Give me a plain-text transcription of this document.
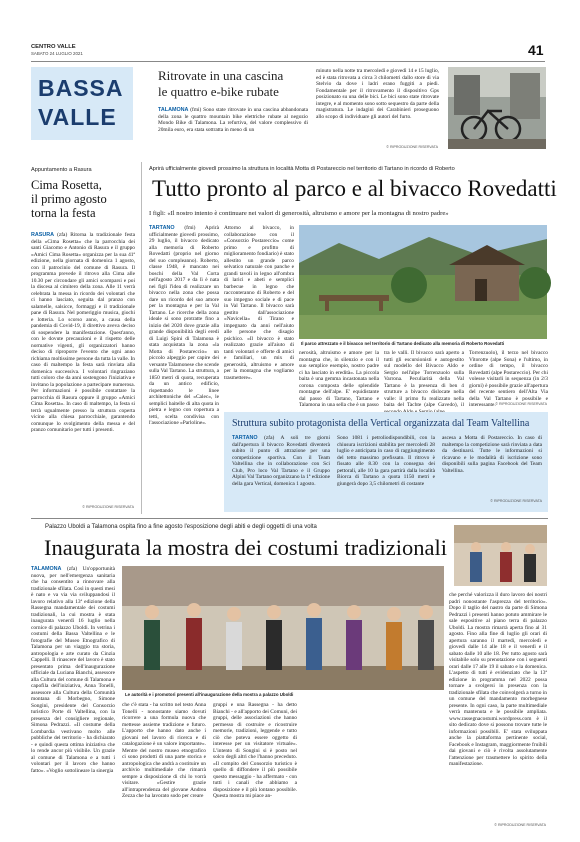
CENTRO VALLE
SABATO 24 LUGLIO 2021	41
BASSA
VALLE
Ritrovate in una cascina
le quattro e-bike rubate
TALAMONA (fmi) Sono state ritrovate in una cascina abbandonata della zona le quattro mountain bike elettriche rubate al negozio Mondo Bike di Talamona. La refurtiva, del valore complessivo di 20mila euro, era stata sottratta in meno di un
minuto nella notte tra mercoledì e giovedì 14 e 15 luglio, ed è stata ritrovata a circa 3 chilometri dallo store di via Stelvio da dove i ladri erano fuggiti a piedi. Fondamentale per il ritrovamento il dispositivo Gps posizionato su una delle bici. Le bici sono state ritrovate integre, e al momento sono sotto sequestro da parte della magistratura. Le indagini dei Carabinieri proseguono allo scopo di individuare gli autori del furto.
© RIPRODUZIONE RISERVATA
Appuntamento a Rasura
Cima Rosetta,
il primo agosto
torna la festa
RASURA (zfa) Ritorna la tradizionale festa della «Cima Rosetta» che la parrocchia dei santi Giacomo e Antonio di Rasura e il gruppo «Amici Cima Rosetta» organizza per la sua 41ª edizione, nella giornata di domenica 1 agosto, con il patrocinio del comune di Rasura. Il programma prevede il ritrovo alla Cima alle 10.30 per circondare gli amici scomparsi e poi la discesa al cimitero della zona. Alle 11 verrà celebrata la messa in ricordo dei volontari che ci hanno lasciato, seguita dal pranzo con salamelle, salsicce, formaggi e il tradizionale pane di Rasura. Nel pomeriggio musica, giochi e lotteria. Lo scorso anno, a causa della pandemia di Covid-19, il direttivo aveva deciso di sospendere la manifestazione. Quest'anno, con le dovute precauzioni e il rispetto delle normative vigenti, gli organizzatori hanno deciso di riproporre l'evento che ogni anno richiama moltissime persone da tutta la valle. In caso di maltempo la festa sarà rinviata alla domenica successiva. I volontari ringraziano tutti coloro che da anni sostengono l'iniziativa e invitano la popolazione a partecipare numerosa. Per informazioni è possibile contattare la parrocchia di Rasura oppure il gruppo «Amici Cima Rosetta». In caso di maltempo, la festa si terrà ugualmente presso la struttura coperta vicino alla chiesa parrocchiale, garantendo comunque lo svolgimento della messa e del pranzo comunitario per tutti i presenti.
© RIPRODUZIONE RISERVATA
Aprirà ufficialmente giovedì prossimo la struttura in località Motta di Postareccio nel territorio di Tartano in ricordo di Roberto
Tutto pronto al parco e al bivacco Rovedatti
I figli: «Il nostro intento è continuare nei valori di generosità, altruismo e amore per la montagna di nostro padre»
TARTANO (fmi) Aprirà ufficialmente giovedì prossimo, 29 luglio, il bivacco dedicato alla memoria di Roberto Rovedatti (proprio nel giorno del suo compleanno). Roberto, classe 1948, è mancato nei boschi della Val Corta nell'agosto 2017 e da lì è nata nei figli l'idea di realizzare un bivacco nella zona che possa dare un ricordo del suo amore per la montagna e per la Val Tartano. Le ricerche della zona ideale si sono protratte fino a inizio del 2020 dove grazie alla grande disponibilità degli eredi di Luigi Spini di Talamona è stata acquistata la zona «la Motta di Postareccio» un piccolo alpeggio per capire dei versante Talamonese che scende sulla Val Tartano. La struttura, a 1850 metri di quota, recuperata da un antico edificio, rispettando le linee architettoniche del «Calec», le semplici baitelle di alta quota in pietra e legno con copertura a tetti, scelta condivisa con l'associazione «Parloline».
Attorno al bivacco, in collaborazione con il «Consorzio Postareccio» come primo e profitto di miglioramento fondiario) è stato allestito un grande parco selvatico naturale con panche e grandi tavoli in legno all'ombra di larici e abeti e semplici barbecue in legno che racconteranno di Roberto e del suo impegno sociale e di pace in Val Tartano. Il bivacco sarà gestito dall'associazione «Navicella» di Tirano e impegnato da anni nell'aiuto alle persone che disagio psichico. «Il bivacco è stato realizzato grazie all'aiuto di tanti volontari e offerte di amici e familiari, un mix di generosità, altruismo e amore per la montagna che vogliamo trasmettere».
Il parco attrezzato e il bivacco nel territorio di Tartano dedicato alla memoria di Roberto Rovedatti
nerosità, altruismo e amore per la montagna che, in silenzio e con il suo semplice esempio, nostro padre ci ha lasciato in eredità». La piccola baita è una gemma incastonata nella corona composta delle splendide montagne dell'alpe. E' equidistante dal passo di Tartano, Tartano e Talamona in una sella che è un passo
tra le valli. Il bivacco sarà aperto a tutti gli escursionisti e autogestito sul modello del Bivacco Aldo e Sergio nell'alpe Torrenzuolo sulla Varrona. Peculiarità della Val Tartano è la presenza di ben 4 strutture a bivacco dislocate nella valle: il primo fu realizzato nella baita del Tachte (alpe Gavedo), il
Torrenzuolo), il terzo nel bivacco Vitorotte (alpe Sona) e l'ultimo, in ordine di tempo, il bivacco Rovedatti (alpe Postareccio). Per chi volesse visitarli in sequenza (in 2/3 giorni) è possibile grazie all'apertura del recente sentiero dell'Alta Via della Val Tartano è possibile e interessante. © RIPRODUZIONE RISERVATA
Struttura subito protagonista della Vertical organizzata dal Team Valtellina
TARTANO (zfa) A soli tre giorni dall'apertura il bivacco Rovedatti diventerà subito il punto di attrazione per una competizione sportiva. Con il Team Valtellina che in collaborazione con Sci Club, Pro loco Val Tartano e il Gruppo Alpini Val Tartano organizzano la 1ª edizione della gara Vertical, domenica 1 agosto.
Sono 1081 i petroliodispondibili, con la chiusura iscrizioni stabilita per mercoledì 28 luglio e anticipata in caso di raggiungimento del tetto massimo prefissato. Il ritrovo è fissato alle 8.30 con la consegna dei pettorali, alle 10 la gara partirà dalla località Biorca di Tartano a quota 1150 metri e giungerà dopo 3,5 chilometri di costante
ascesa a Motta di Postareccio. In caso di maltempo la competizione sarà rinviata a data da destinarsi. Tutte le informazioni si ricavano e le modalità di iscrizione sono disponibili sulla pagina Facebook del Team Valtellina.
© RIPRODUZIONE RISERVATA
Palazzo Uboldi a Talamona ospita fino a fine agosto l'esposizione degli abiti e degli oggetti di una volta
Inaugurata la mostra dei costumi tradizionali
TALAMONA (zfa) Un'opportunità nuova, per nell'emergenza sanitaria che ha consentito a rinnovare alla tradizionale sfilata. Così in questi mesi è nato e va via via sviluppandosi il lavoro relativo alla 13ª edizione della Rassegna mandamentale dei costumi tradizionali, la cui mostra è stata inaugurata venerdì 16 luglio nella cornice di palazzo Uboldi. In vetrina i costumi della Bassa Valtellina e le fotografie del Museo Etnografico di Talamona per un viaggio tra storia, antropologia e arte curato da Cinzia Cappelli. Il rinascere del lavoro è stato presentato prima dell'inaugurazione ufficiale da Luciana Bianchi, assessore alla Cultura del comune di Talamona e capofila dell'iniziativa, Anna Tonelli, assessore alla Cultura della Comunità montana di Morbegno, Simone Songini, presidente del Consorzio turistico Porte di Valtellina, con la presenza del consigliere regionale, Simona Pedrazzi. «Il costume della Lombardia vestivano molto alle pubbliche del territorio - ha dichiarato - e quindi questa ottima iniziativa che lo rende ancor più visibile. Un grazie al comune di Talamona e a tutti i volontari per il lavoro che hanno fatto». «Voglio sottolineare la sinergia
Le autorità e i promotori presenti all'inaugurazione della mostra a palazzo Uboldi
che c'è stata - ha scritto nel testo Anna Tonelli - nonostante siamo dovuti ricorrere a una formula nuova che mettesse assieme tradizione e futuro. L'apporto che hanno dato anche i giovani nel lavoro di ricerca e di catalogazione è un valore importante». Mentre del nostro museo etnografico ci sono prodotti di una parte storica e antropologica che andrà a costituire un archivio multimediale che rimarrà sempre a disposizione di chi lo vorrà visitare. «Gestire grazie all'intraprendenza del giovane Andrea Zezza che ha lavorato sodo per creare
gruppi e una Rassegna - ha detto Bianchi - e all'apporto dei Comuni, dei gruppi, delle associazioni che hanno permesso di costruire e ricostruire memorie, tradizioni, leggende e tutto ciò che poteva essere oggetto di interesse per un visitatore virtuale». L'intento di Songini si è posto nel solco degli altri che l'hanno preceduto. «Il compito del Consorzio turistico è quello di diffondere il più possibile questo messaggio - ha affermato - con tutti i canali che abbiamo a disposizione e il più lontano possibile. Questa mostra mi piace an-
che perché valorizza il duro lavoro dei nostri padri nonostante l'asprezza del territorio». Dopo il taglio del nastro da parte di Simona Pedrazzi i presenti hanno potuto ammirare le sale espositive al piano terra di palazzo Uboldi. La mostra rimarrà aperta fino al 31 agosto. Fino alla fine di luglio gli orari di apertura saranno il martedì, mercoledì e giovedì dalle 14 alle 18 e il venerdì e il sabato dalle 10 alle 18. Per tutto agosto sarà visitabile solo su prenotazione con i seguenti orari dalle 17 alle 19 il sabato e la domenica. L'aspetto di tutti è evidenziato che la 13ª edizione in programma nel 2022 possa tornare a svolgersi in presenza con la tradizionale sfilata che coinvolgerà a turno in un comune del mandamento morbegnese presente. In ogni caso, la parte multimediale verrà mantenuta e le possibile ampliata. www.rassegnacostumi.wordpress.com è il sito dedicato dove si possono trovare tutte le informazioni possibili. E' stata sviluppata anche la piattaforma pertinente social, Facebook e Instagram, maggiormente fruibili dai giovani e ciò è rivolta assolutamente l'attenzione per trasmettere lo spirito della manifestazione.
© RIPRODUZIONE RISERVATA
